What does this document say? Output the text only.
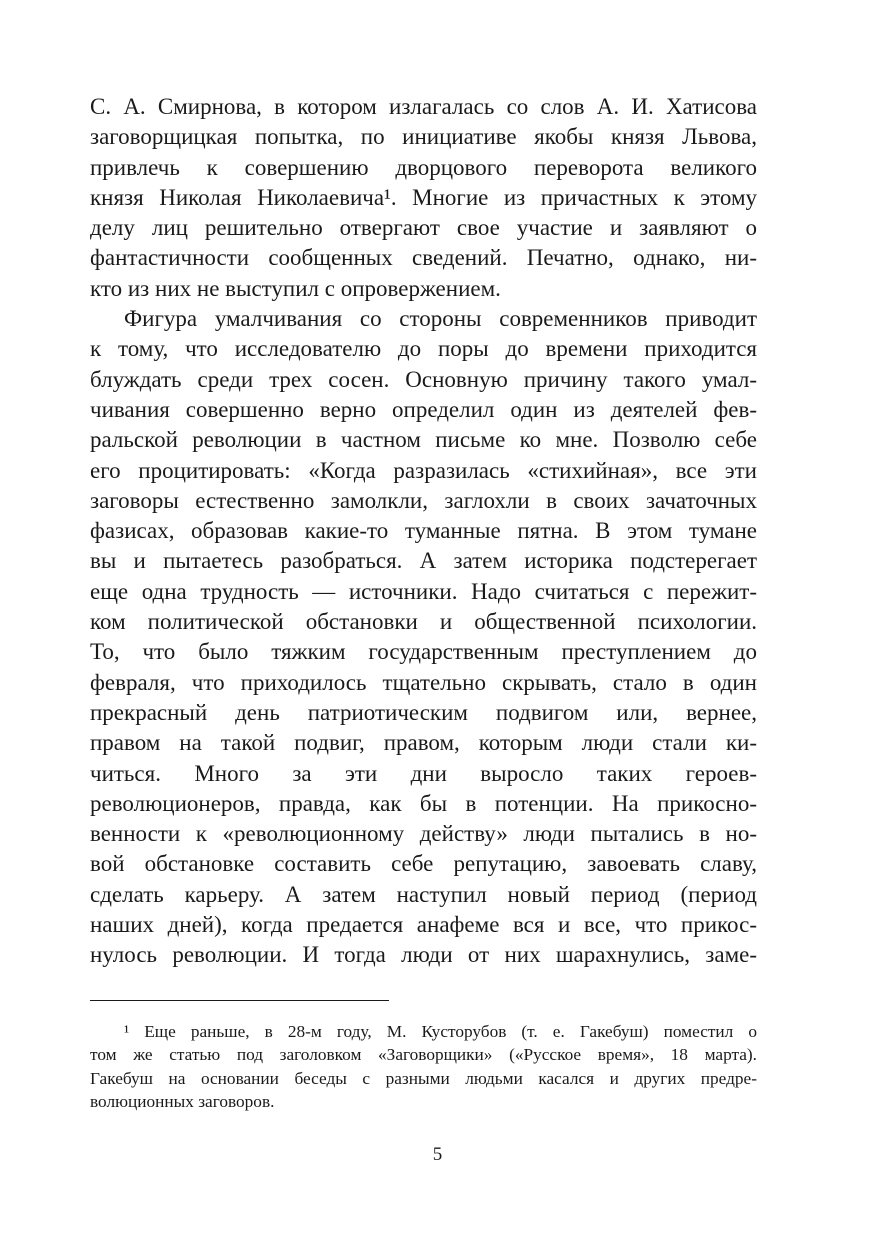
С. А. Смирнова, в котором излагалась со слов А. И. Хатисова
заговорщицкая попытка, по инициативе якобы князя Львова,
привлечь к совершению дворцового переворота великого
князя Николая Николаевича¹. Многие из причастных к этому
делу лиц решительно отвергают свое участие и заявляют о
фантастичности сообщенных сведений. Печатно, однако, ни-
кто из них не выступил с опровержением.
Фигура умалчивания со стороны современников приводит
к тому, что исследователю до поры до времени приходится
блуждать среди трех сосен. Основную причину такого умал-
чивания совершенно верно определил один из деятелей фев-
ральской революции в частном письме ко мне. Позволю себе
его процитировать: «Когда разразилась «стихийная», все эти
заговоры естественно замолкли, заглохли в своих зачаточных
фазисах, образовав какие-то туманные пятна. В этом тумане
вы и пытаетесь разобраться. А затем историка подстерегает
еще одна трудность — источники. Надо считаться с пережит-
ком политической обстановки и общественной психологии.
То, что было тяжким государственным преступлением до
февраля, что приходилось тщательно скрывать, стало в один
прекрасный день патриотическим подвигом или, вернее,
правом на такой подвиг, правом, которым люди стали ки-
читься. Много за эти дни выросло таких героев-
революционеров, правда, как бы в потенции. На прикосно-
венности к «революционному действу» люди пытались в но-
вой обстановке составить себе репутацию, завоевать славу,
сделать карьеру. А затем наступил новый период (период
наших дней), когда предается анафеме вся и все, что прикос-
нулось революции. И тогда люди от них шарахнулись, заме-
¹ Еще раньше, в 28-м году, М. Кусторубов (т. е. Гакебуш) поместил о
том же статью под заголовком «Заговорщики» («Русское время», 18 марта).
Гакебуш на основании беседы с разными людьми касался и других предре-
волюционных заговоров.
5
